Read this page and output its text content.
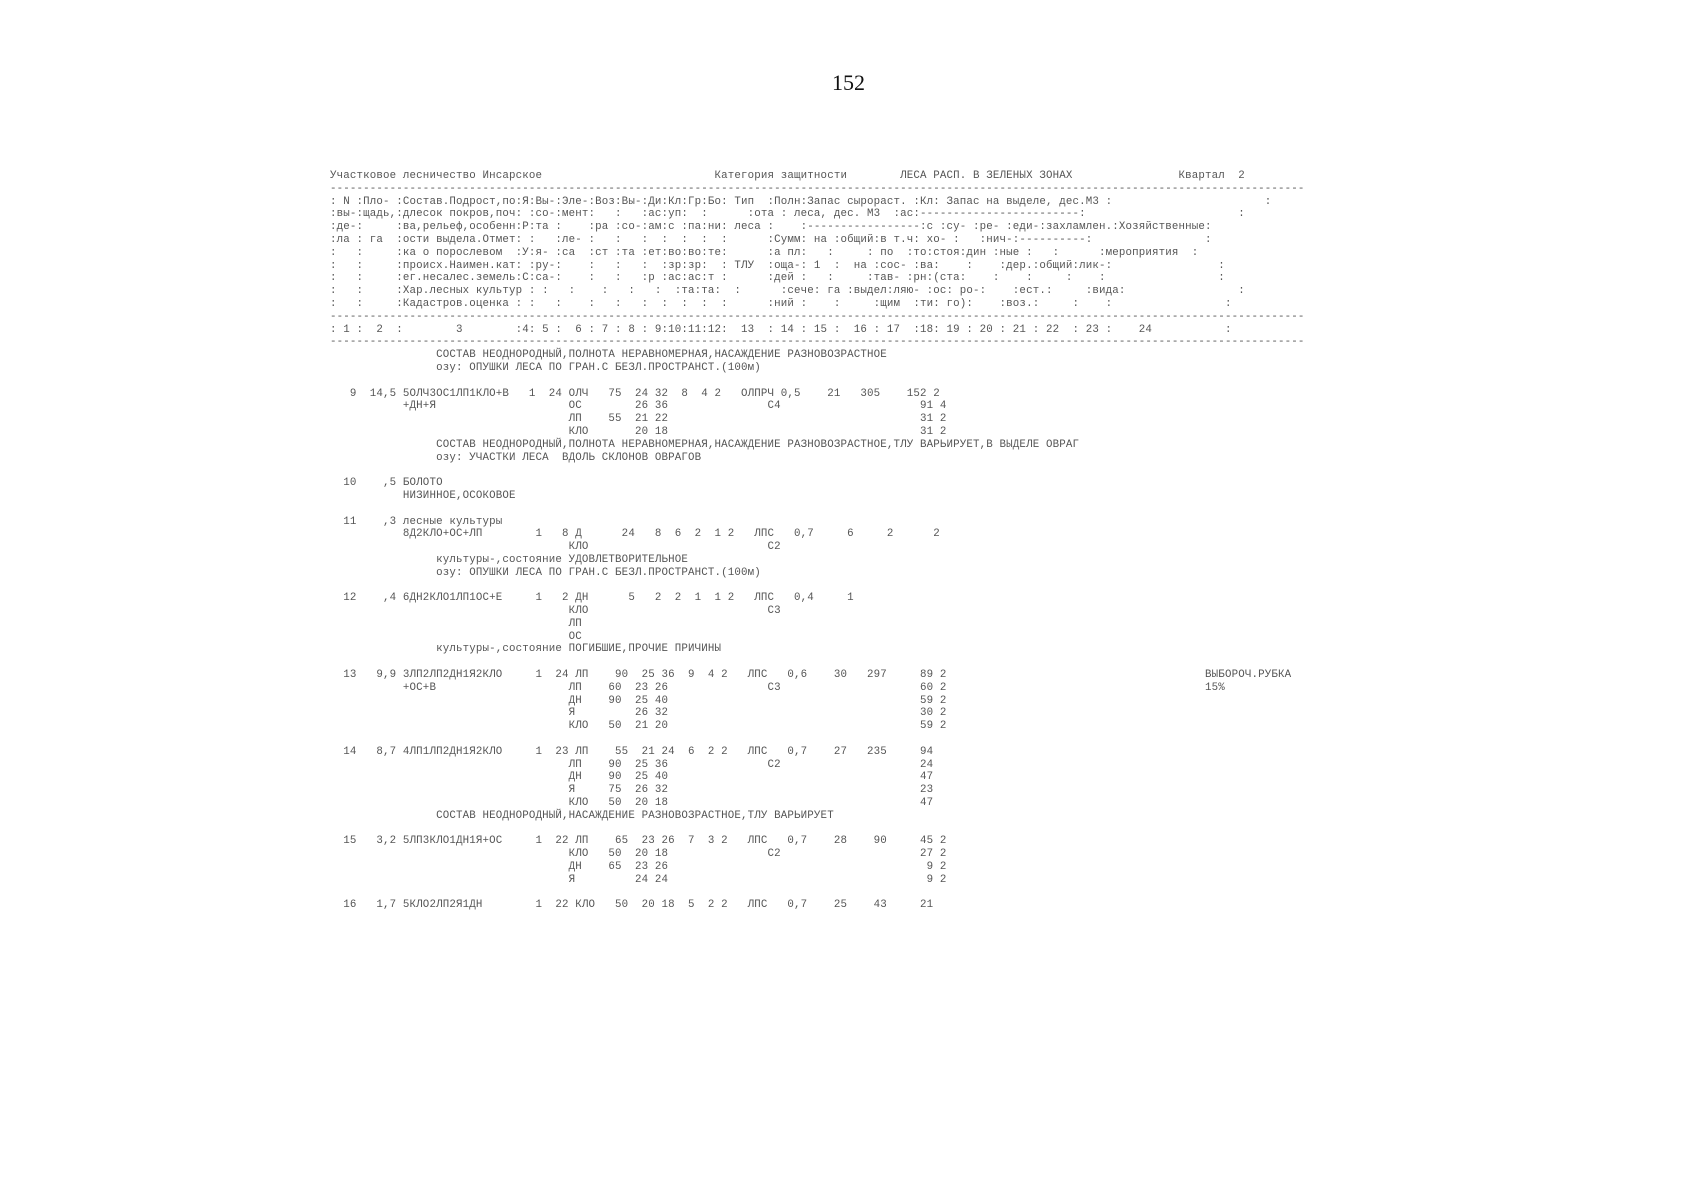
152
Участковое лесничество Инсарское                          Категория защитности        ЛЕСА РАСП. В ЗЕЛЕНЫХ ЗОНАХ                Квартал  2
---------------------------------------------------------------------------------------------------------------------------------------------------
: N :Пло- :Состав.Подрост,по:Я:Вы-:Эле-:Воз:Вы-:Ди:Кл:Гр:Бо: Тип  :Полн:Запас сырораст. :Кл: Запас на выделе, дес.М3 :                       :
:вы-:щадь,:длесок покров,поч: :со-:мент:   :   :ас:уп:  :      :ота : леса, дес. М3  :ас:------------------------:                       :
:де-:     :ва,рельеф,особенн:Р:та :    :ра :со-:ам:с :па:ни: леса :    :-----------------:с :су- :ре- :еди-:захламлен.:Хозяйственные:
:ла : га  :ости выдела.Отмет: :   :ле- :   :   :  :  :  :  :      :Сумм: на :общий:в т.ч: хо- :   :нич-:----------:                 :
:   :     :ка о порослевом  :У:я- :са  :ст :та :ет:во:во:те:      :а пл:   :     : по  :то:стоя:дин :ные :   :      :мероприятия  :
:   :     :происх.Наимен.кат: :ру-:    :   :   :  :зр:зр:  : ТЛУ  :оща-: 1  :  на :сос- :ва:    :    :дер.:общий:лик-:                :
:   :     :ег.несалес.земель:С:са-:    :   :   :р :ас:ас:т :      :дей :   :     :тав- :рн:(ста:    :    :     :    :                 :
:   :     :Хар.лесных культур : :   :    :   :   :  :та:та:  :      :сече: га :выдел:ляю- :ос: ро-:    :ест.:     :вида:                 :
:   :     :Кадастров.оценка : :   :    :   :   :  :  :  :  :      :ний :    :     :щим  :ти: го):    :воз.:     :    :                 :
---------------------------------------------------------------------------------------------------------------------------------------------------
: 1 :  2  :        3        :4: 5 :  6 : 7 : 8 : 9:10:11:12:  13  : 14 : 15 :  16 : 17  :18: 19 : 20 : 21 : 22  : 23 :    24           :
---------------------------------------------------------------------------------------------------------------------------------------------------
СОСТАВ НЕОДНОРОДНЫЙ,ПОЛНОТА НЕРАВНОМЕРНАЯ,НАСАЖДЕНИЕ РАЗНОВОЗРАСТНОЕ
озу: ОПУШКИ ЛЕСА ПО ГРАН.С БЕЗЛ.ПРОСТРАНСТ.(100м)

9  14,5 5ОЛЧ3ОС1ЛП1КЛО+В   1  24 ОЛЧ   75  24 32  8  4 2   ОЛПРЧ 0,5    21   305    152 2
+ДН+Я                    ОС        26 36               С4                     91 4
ЛП    55  21 22                                      31 2
КЛО       20 18                                      31 2
СОСТАВ НЕОДНОРОДНЫЙ,ПОЛНОТА НЕРАВНОМЕРНАЯ,НАСАЖДЕНИЕ РАЗНОВОЗРАСТНОЕ,ТЛУ ВАРЬИРУЕТ,В ВЫДЕЛЕ ОВРАГ
озу: УЧАСТКИ ЛЕСА  ВДОЛЬ СКЛОНОВ ОВРАГОВ

10    ,5 БОЛОТО
НИЗИННОЕ,ОСОКОВОЕ

11    ,3 лесные культуры
8Д2КЛО+ОС+ЛП        1   8 Д      24   8  6  2  1 2   ЛПС   0,7     6     2      2
КЛО                           С2
культуры-,состояние УДОВЛЕТВОРИТЕЛЬНОЕ
озу: ОПУШКИ ЛЕСА ПО ГРАН.С БЕЗЛ.ПРОСТРАНСТ.(100м)

12    ,4 6ДН2КЛО1ЛП1ОС+Е     1   2 ДН      5   2  2  1  1 2   ЛПС   0,4     1
КЛО                           С3
ЛП
ОС
культуры-,состояние ПОГИБШИЕ,ПРОЧИЕ ПРИЧИНЫ

13   9,9 3ЛП2ЛП2ДН1Я2КЛО     1  24 ЛП    90  25 36  9  4 2   ЛПС   0,6    30   297     89 2                                       ВЫБОРОЧ.РУБКА
+ОС+В                    ЛП    60  23 26               С3                     60 2                                       15%
ДН    90  25 40                                      59 2
Я         26 32                                      30 2
КЛО   50  21 20                                      59 2

14   8,7 4ЛП1ЛП2ДН1Я2КЛО     1  23 ЛП    55  21 24  6  2 2   ЛПС   0,7    27   235     94
ЛП    90  25 36               С2                     24
ДН    90  25 40                                      47
Я     75  26 32                                      23
КЛО   50  20 18                                      47
СОСТАВ НЕОДНОРОДНЫЙ,НАСАЖДЕНИЕ РАЗНОВОЗРАСТНОЕ,ТЛУ ВАРЬИРУЕТ

15   3,2 5ЛП3КЛО1ДН1Я+ОС     1  22 ЛП    65  23 26  7  3 2   ЛПС   0,7    28    90     45 2
КЛО   50  20 18               С2                     27 2
ДН    65  23 26                                       9 2
Я         24 24                                       9 2

16   1,7 5КЛО2ЛП2Я1ДН        1  22 КЛО   50  20 18  5  2 2   ЛПС   0,7    25    43     21
